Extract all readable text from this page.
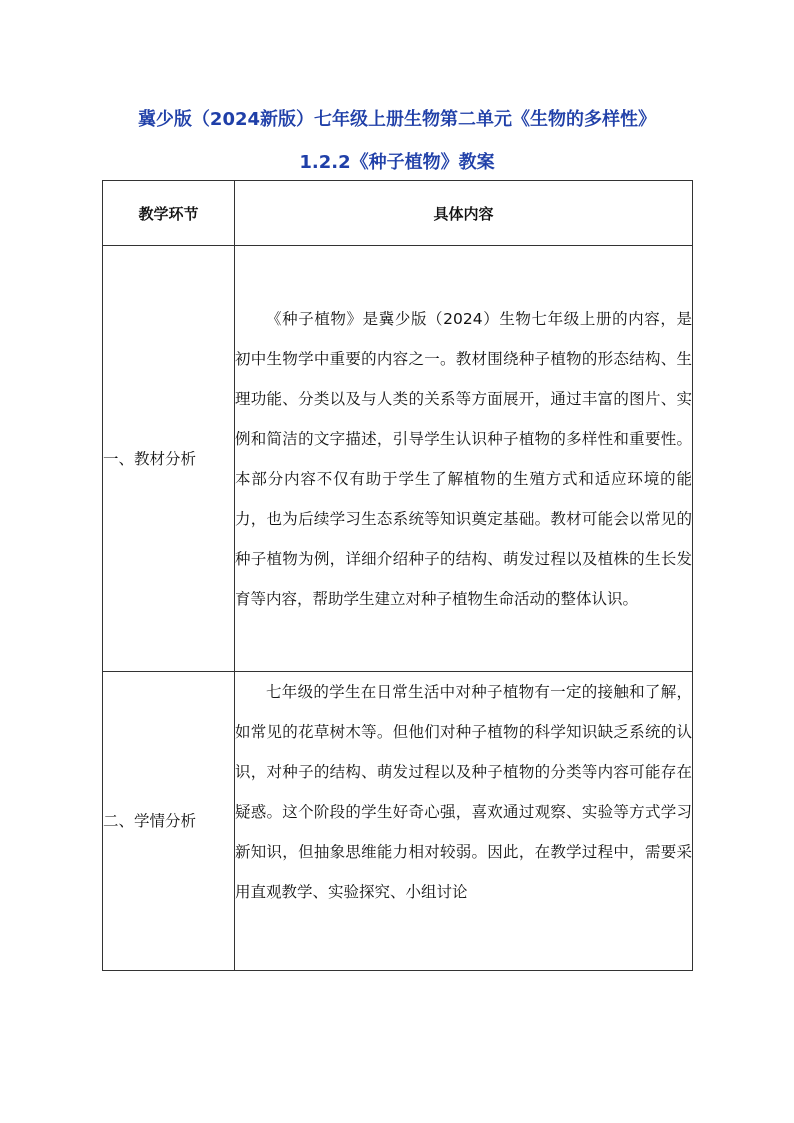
冀少版（2024新版）七年级上册生物第二单元《生物的多样性》
1.2.2《种子植物》教案
教学环节	具体内容
一、教材分析	《种子植物》是冀少版（2024）生物七年级上册的内容，是初中生物学中重要的内容之一。教材围绕种子植物的形态结构、生理功能、分类以及与人类的关系等方面展开，通过丰富的图片、实例和简洁的文字描述，引导学生认识种子植物的多样性和重要性。本部分内容不仅有助于学生了解植物的生殖方式和适应环境的能力，也为后续学习生态系统等知识奠定基础。教材可能会以常见的种子植物为例，详细介绍种子的结构、萌发过程以及植株的生长发育等内容，帮助学生建立对种子植物生命活动的整体认识。

二、学情分析	七年级的学生在日常生活中对种子植物有一定的接触和了解，如常见的花草树木等。但他们对种子植物的科学知识缺乏系统的认识，对种子的结构、萌发过程以及种子植物的分类等内容可能存在疑惑。这个阶段的学生好奇心强，喜欢通过观察、实验等方式学习新知识，但抽象思维能力相对较弱。因此，在教学过程中，需要采用直观教学、实验探究、小组讨论
